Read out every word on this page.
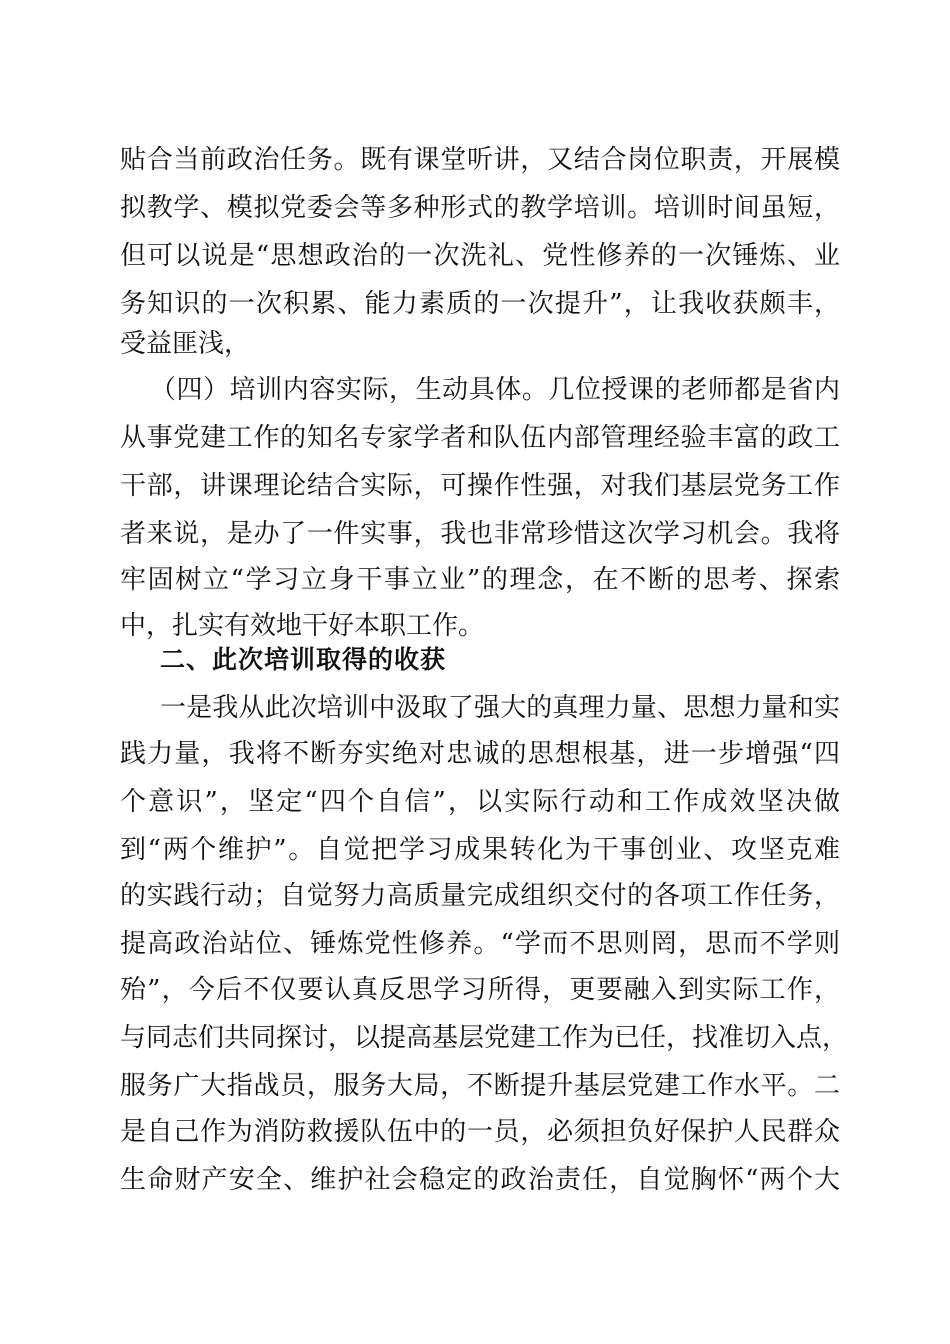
贴合当前政治任务。既有课堂听讲，又结合岗位职责，开展模
拟教学、模拟党委会等多种形式的教学培训。培训时间虽短，
但可以说是“思想政治的一次洗礼、党性修养的一次锤炼、业
务知识的一次积累、能力素质的一次提升”，让我收获颇丰，
受益匪浅，
（四）培训内容实际，生动具体。几位授课的老师都是省内
从事党建工作的知名专家学者和队伍内部管理经验丰富的政工
干部，讲课理论结合实际，可操作性强，对我们基层党务工作
者来说，是办了一件实事，我也非常珍惜这次学习机会。我将
牢固树立“学习立身干事立业”的理念，在不断的思考、探索
中，扎实有效地干好本职工作。
二、此次培训取得的收获
一是我从此次培训中汲取了强大的真理力量、思想力量和实
践力量，我将不断夯实绝对忠诚的思想根基，进一步增强“四
个意识”，坚定“四个自信”，以实际行动和工作成效坚决做
到“两个维护”。自觉把学习成果转化为干事创业、攻坚克难
的实践行动；自觉努力高质量完成组织交付的各项工作任务，
提高政治站位、锤炼党性修养。“学而不思则罔，思而不学则
殆”，今后不仅要认真反思学习所得，更要融入到实际工作，
与同志们共同探讨，以提高基层党建工作为已任，找准切入点，
服务广大指战员，服务大局，不断提升基层党建工作水平。二
是自己作为消防救援队伍中的一员，必须担负好保护人民群众
生命财产安全、维护社会稳定的政治责任，自觉胸怀“两个大
